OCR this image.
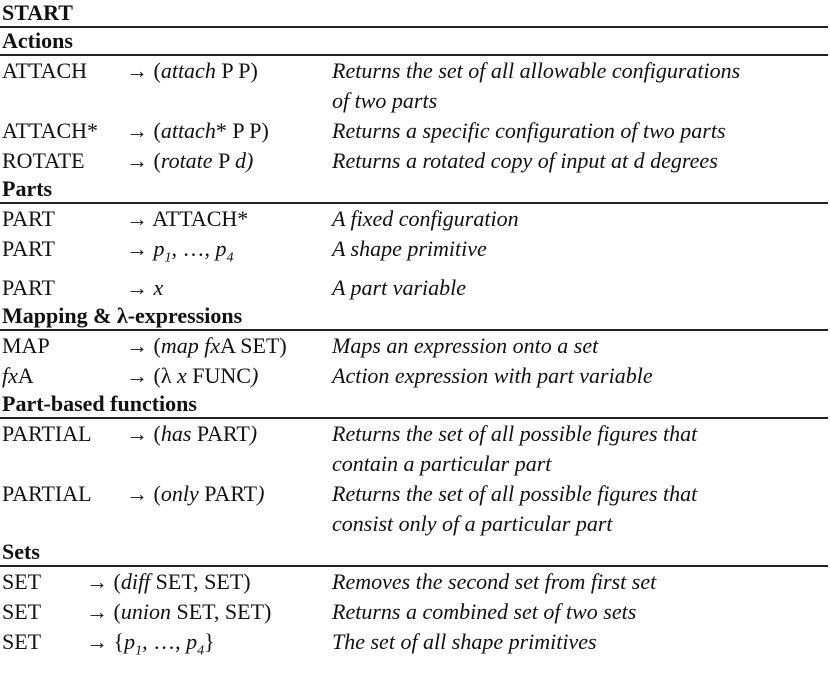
START
Actions
ATTACH	→ (attach P P)	Returns the set of all allowable configurations
of two parts
ATTACH*	→ (attach* P P)	Returns a specific configuration of two parts
ROTATE	→ (rotate P d)	Returns a rotated copy of input at d degrees
Parts
PART	→ ATTACH*	A fixed configuration
PART	→ $p_1$, …, $p_4$	A shape primitive
PART	→ x	A part variable
Mapping & λ-expressions
MAP	→ (map fxA SET)	Maps an expression onto a set
fxA	→ (λ x FUNC)	Action expression with part variable
Part-based functions
PARTIAL	→ (has PART)	Returns the set of all possible figures that
contain a particular part
PARTIAL	→ (only PART)	Returns the set of all possible figures that
consist only of a particular part
Sets
SET	→ (diff SET, SET)	Removes the second set from first set
SET	→ (union SET, SET)	Returns a combined set of two sets
SET	→ {$p_1$, …, $p_4$}	The set of all shape primitives
